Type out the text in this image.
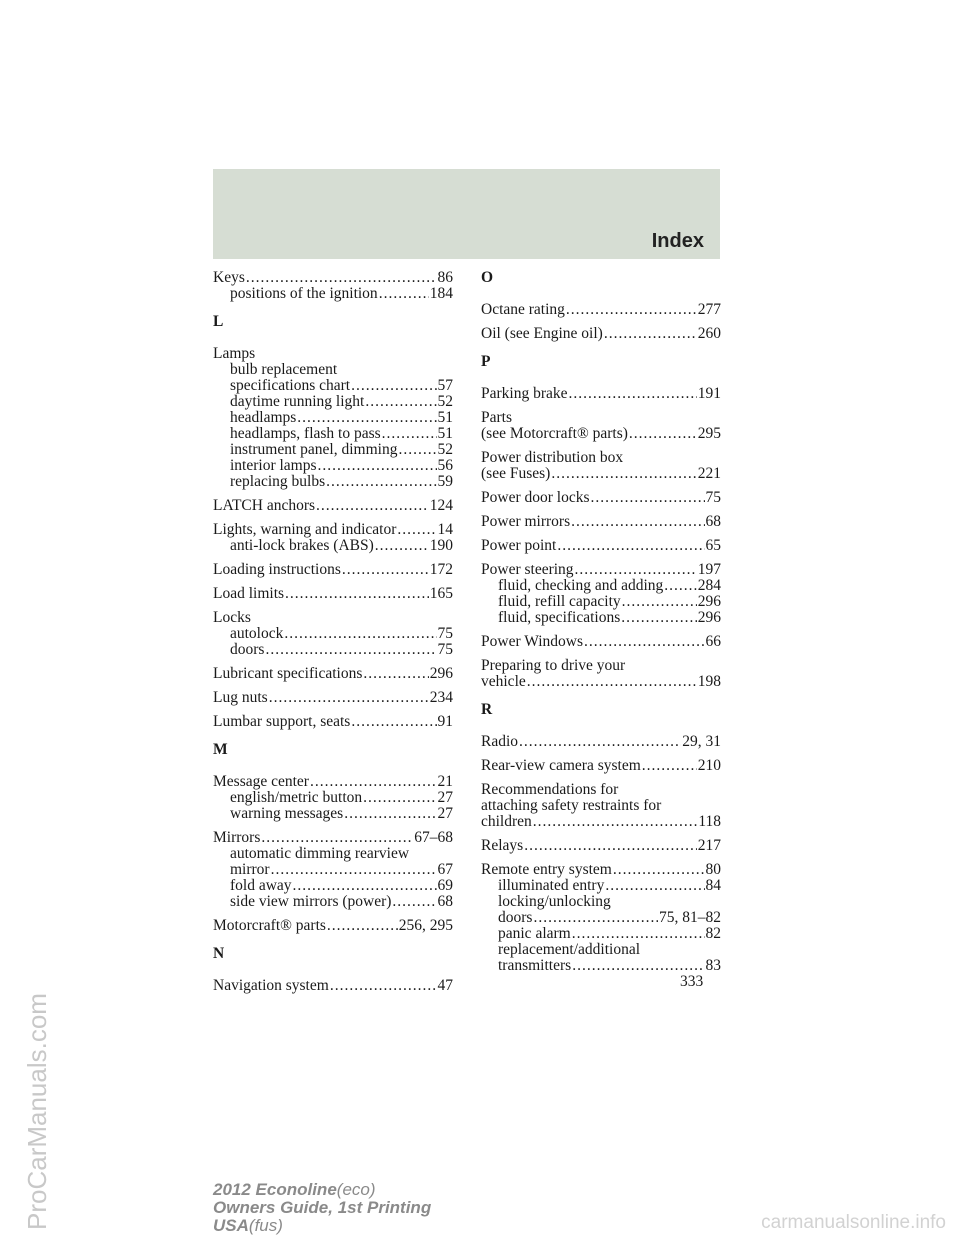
Index
Keys .....	86
positions of the ignition .....	184
L
Lamps
bulb replacement
specifications chart .....	57
daytime running light .....	52
headlamps .....	51
headlamps, flash to pass .....	51
instrument panel, dimming .....	52
interior lamps .....	56
replacing bulbs .....	59
LATCH anchors .....	124
Lights, warning and indicator .....	14
anti-lock brakes (ABS) .....	190
Loading instructions .....	172
Load limits .....	165
Locks
autolock .....	75
doors .....	75
Lubricant specifications .....	296
Lug nuts .....	234
Lumbar support, seats .....	91
M
Message center .....	21
english/metric button .....	27
warning messages .....	27
Mirrors .....	67–68
automatic dimming rearview
mirror .....	67
fold away .....	69
side view mirrors (power) .....	68
Motorcraft® parts .....	256, 295
N
Navigation system .....	47
O
Octane rating .....	277
Oil (see Engine oil) .....	260
P
Parking brake .....	191
Parts
(see Motorcraft® parts) .....	295
Power distribution box
(see Fuses) .....	221
Power door locks .....	75
Power mirrors .....	68
Power point .....	65
Power steering .....	197
fluid, checking and adding ..... 284
fluid, refill capacity .....	296
fluid, specifications .....	296
Power Windows .....	66
Preparing to drive your
vehicle .....	198
R
Radio .....	29, 31
Rear-view camera system .....	210
Recommendations for
attaching safety restraints for
children .....	118
Relays .....	217
Remote entry system .....	80
illuminated entry .....	84
locking/unlocking
doors .....	75, 81–82
panic alarm .....	82
replacement/additional
transmitters .....	83
333
2012 Econoline(eco)
Owners Guide, 1st Printing
USA(fus)
ProCarManuals.com	carmanualsonline.info
